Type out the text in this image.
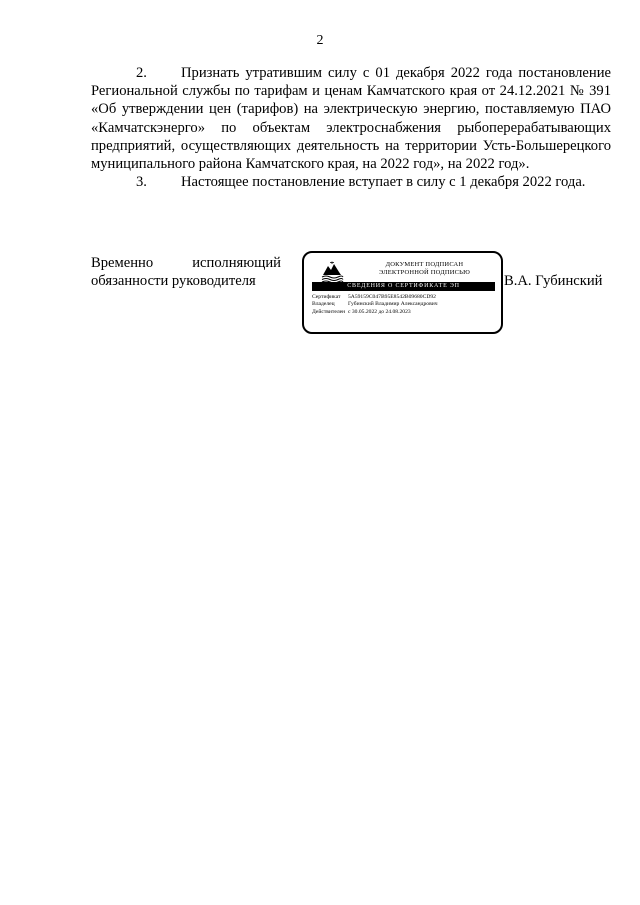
2

2. Признать утратившим силу с 01 декабря 2022 года постановление Региональной службы по тарифам и ценам Камчатского края от 24.12.2021 № 391 «Об утверждении цен (тарифов) на электрическую энергию, поставляемую ПАО «Камчатскэнерго» по объектам электроснабжения рыбоперерабатывающих предприятий, осуществляющих деятельность на территории Усть-Большерецкого муниципального района Камчатского края, на 2022 год», на 2022 год».

3. Настоящее постановление вступает в силу с 1 декабря 2022 года.

Временно	исполняющий
обязанности руководителя
ДОКУМЕНТ ПОДПИСАН
ЭЛЕКТРОННОЙ ПОДПИСЬЮ
СВЕДЕНИЯ О СЕРТИФИКАТЕ ЭП
Сертификат	5A59159C047B95E8542B09680CD92
Владелец	Губинский Владимир Александрович
Действителен с 30.05.2022 до 24.08.2023
В.А. Губинский
